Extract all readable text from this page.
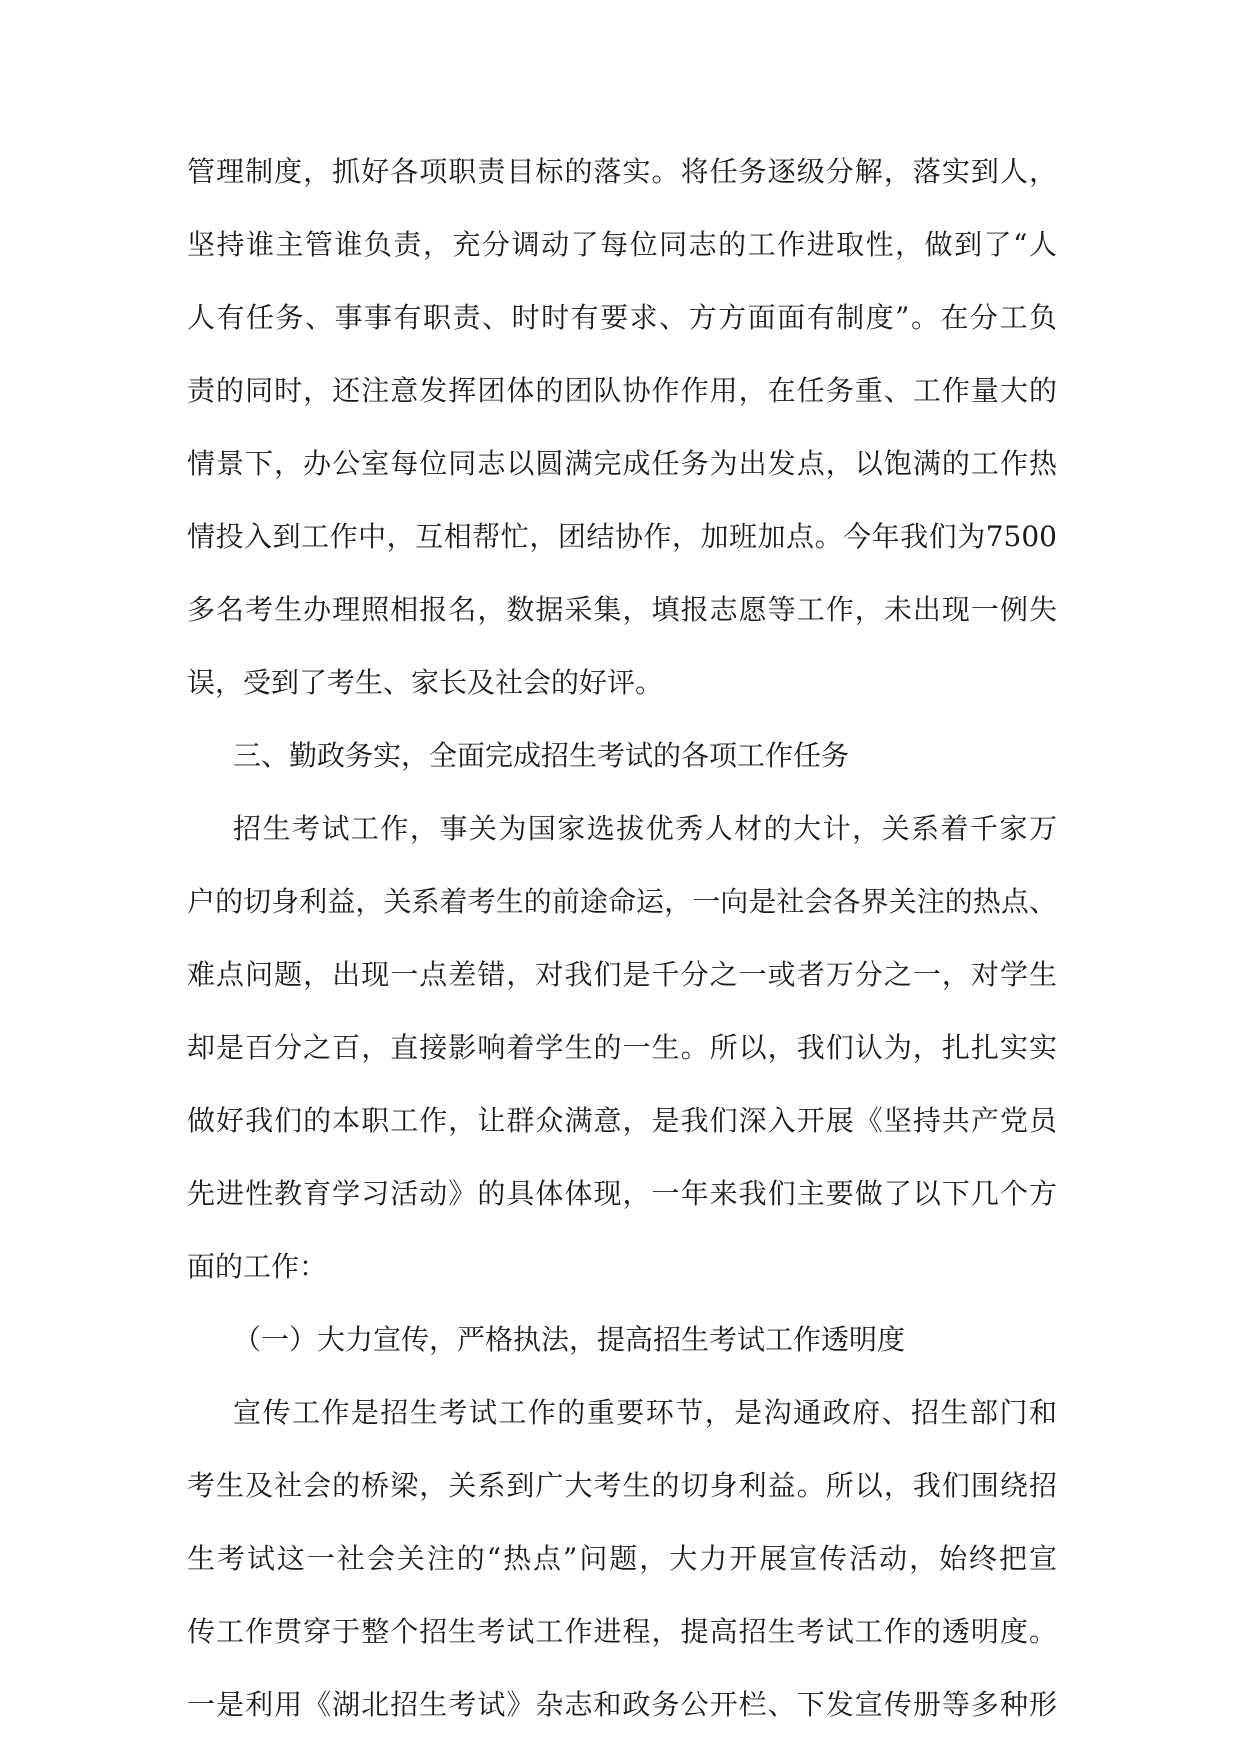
管理制度，抓好各项职责目标的落实。将任务逐级分解，落实到人，
坚持谁主管谁负责，充分调动了每位同志的工作进取性，做到了“人
人有任务、事事有职责、时时有要求、方方面面有制度”。在分工负
责的同时，还注意发挥团体的团队协作作用，在任务重、工作量大的
情景下，办公室每位同志以圆满完成任务为出发点，以饱满的工作热
情投入到工作中，互相帮忙，团结协作，加班加点。今年我们为7500
多名考生办理照相报名，数据采集，填报志愿等工作，未出现一例失
误，受到了考生、家长及社会的好评。
三、勤政务实，全面完成招生考试的各项工作任务
招生考试工作，事关为国家选拔优秀人材的大计，关系着千家万
户的切身利益，关系着考生的前途命运，一向是社会各界关注的热点、
难点问题，出现一点差错，对我们是千分之一或者万分之一，对学生
却是百分之百，直接影响着学生的一生。所以，我们认为，扎扎实实
做好我们的本职工作，让群众满意，是我们深入开展《坚持共产党员
先进性教育学习活动》的具体体现，一年来我们主要做了以下几个方
面的工作：
（一）大力宣传，严格执法，提高招生考试工作透明度
宣传工作是招生考试工作的重要环节，是沟通政府、招生部门和
考生及社会的桥梁，关系到广大考生的切身利益。所以，我们围绕招
生考试这一社会关注的“热点”问题，大力开展宣传活动，始终把宣
传工作贯穿于整个招生考试工作进程，提高招生考试工作的透明度。
一是利用《湖北招生考试》杂志和政务公开栏、下发宣传册等多种形
